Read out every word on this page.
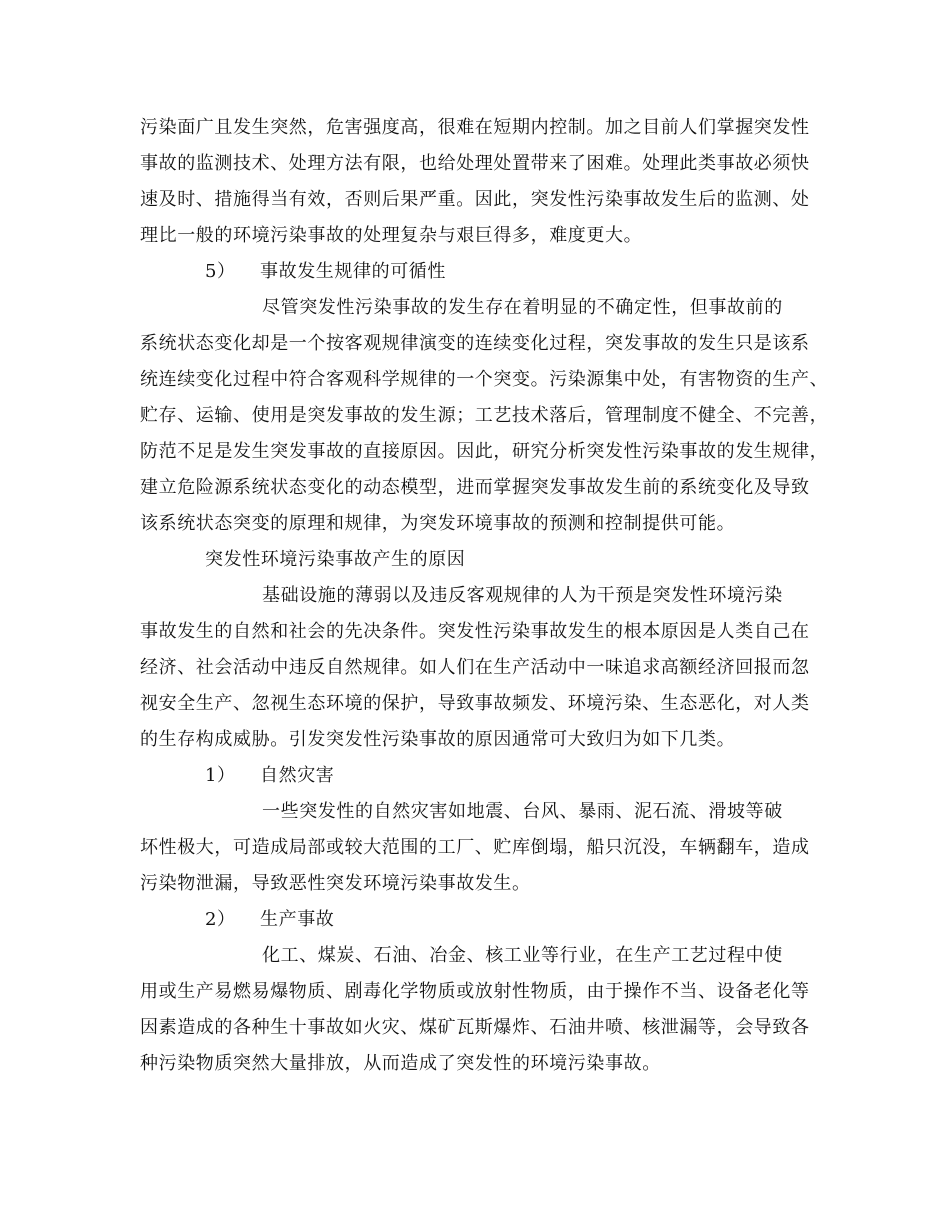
污染面广且发生突然，危害强度高，很难在短期内控制。加之目前人们掌握突发性
事故的监测技术、处理方法有限，也给处理处置带来了困难。处理此类事故必须快
速及时、措施得当有效，否则后果严重。因此，突发性污染事故发生后的监测、处
理比一般的环境污染事故的处理复杂与艰巨得多，难度更大。
5） 事故发生规律的可循性
尽管突发性污染事故的发生存在着明显的不确定性，但事故前的
系统状态变化却是一个按客观规律演变的连续变化过程，突发事故的发生只是该系
统连续变化过程中符合客观科学规律的一个突变。污染源集中处，有害物资的生产、
贮存、运输、使用是突发事故的发生源；工艺技术落后，管理制度不健全、不完善，
防范不足是发生突发事故的直接原因。因此，研究分析突发性污染事故的发生规律，
建立危险源系统状态变化的动态模型，进而掌握突发事故发生前的系统变化及导致
该系统状态突变的原理和规律，为突发环境事故的预测和控制提供可能。
突发性环境污染事故产生的原因
基础设施的薄弱以及违反客观规律的人为干预是突发性环境污染
事故发生的自然和社会的先决条件。突发性污染事故发生的根本原因是人类自己在
经济、社会活动中违反自然规律。如人们在生产活动中一味追求高额经济回报而忽
视安全生产、忽视生态环境的保护，导致事故频发、环境污染、生态恶化，对人类
的生存构成威胁。引发突发性污染事故的原因通常可大致归为如下几类。
1） 自然灾害
一些突发性的自然灾害如地震、台风、暴雨、泥石流、滑坡等破
坏性极大，可造成局部或较大范围的工厂、贮库倒塌，船只沉没，车辆翻车，造成
污染物泄漏，导致恶性突发环境污染事故发生。
2） 生产事故
化工、煤炭、石油、冶金、核工业等行业，在生产工艺过程中使
用或生产易燃易爆物质、剧毒化学物质或放射性物质，由于操作不当、设备老化等
因素造成的各种生十事故如火灾、煤矿瓦斯爆炸、石油井喷、核泄漏等，会导致各
种污染物质突然大量排放，从而造成了突发性的环境污染事故。
